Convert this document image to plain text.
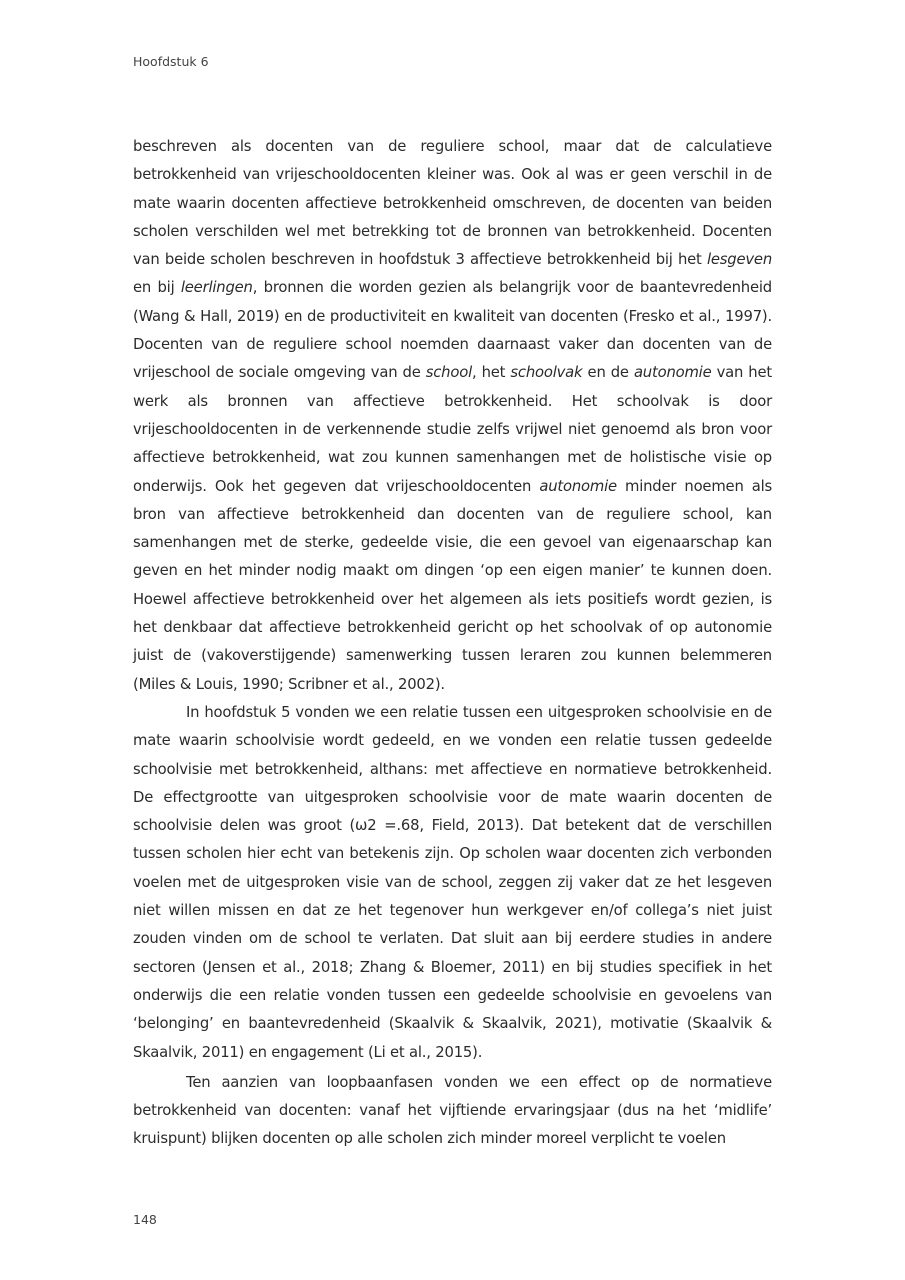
Hoofdstuk 6

beschreven als docenten van de reguliere school, maar dat de calculatieve betrokkenheid van vrijeschooldocenten kleiner was. Ook al was er geen verschil in de mate waarin docenten affectieve betrokkenheid omschreven, de docenten van beiden scholen verschilden wel met betrekking tot de bronnen van betrokkenheid. Docenten van beide scholen beschreven in hoofdstuk 3 affectieve betrokkenheid bij het lesgeven en bij leerlingen, bronnen die worden gezien als belangrijk voor de baantevredenheid (Wang & Hall, 2019) en de productiviteit en kwaliteit van docenten (Fresko et al., 1997). Docenten van de reguliere school noemden daarnaast vaker dan docenten van de vrijeschool de sociale omgeving van de school, het schoolvak en de autonomie van het werk als bronnen van affectieve betrokkenheid. Het schoolvak is door vrijeschooldocenten in de verkennende studie zelfs vrijwel niet genoemd als bron voor affectieve betrokkenheid, wat zou kunnen samenhangen met de holistische visie op onderwijs. Ook het gegeven dat vrijeschooldocenten autonomie minder noemen als bron van affectieve betrokkenheid dan docenten van de reguliere school, kan samenhangen met de sterke, gedeelde visie, die een gevoel van eigenaarschap kan geven en het minder nodig maakt om dingen ‘op een eigen manier’ te kunnen doen. Hoewel affectieve betrokkenheid over het algemeen als iets positiefs wordt gezien, is het denkbaar dat affectieve betrokkenheid gericht op het schoolvak of op autonomie juist de (vakoverstijgende) samenwerking tussen leraren zou kunnen belemmeren (Miles & Louis, 1990; Scribner et al., 2002).

In hoofdstuk 5 vonden we een relatie tussen een uitgesproken schoolvisie en de mate waarin schoolvisie wordt gedeeld, en we vonden een relatie tussen gedeelde schoolvisie met betrokkenheid, althans: met affectieve en normatieve betrokkenheid. De effectgrootte van uitgesproken schoolvisie voor de mate waarin docenten de schoolvisie delen was groot (ω2 =.68, Field, 2013). Dat betekent dat de verschillen tussen scholen hier echt van betekenis zijn. Op scholen waar docenten zich verbonden voelen met de uitgesproken visie van de school, zeggen zij vaker dat ze het lesgeven niet willen missen en dat ze het tegenover hun werkgever en/of collega’s niet juist zouden vinden om de school te verlaten. Dat sluit aan bij eerdere studies in andere sectoren (Jensen et al., 2018; Zhang & Bloemer, 2011) en bij studies specifiek in het onderwijs die een relatie vonden tussen een gedeelde schoolvisie en gevoelens van ‘belonging’ en baantevredenheid (Skaalvik & Skaalvik, 2021), motivatie (Skaalvik & Skaalvik, 2011) en engagement (Li et al., 2015).

Ten aanzien van loopbaanfasen vonden we een effect op de normatieve betrokkenheid van docenten: vanaf het vijftiende ervaringsjaar (dus na het ‘midlife’ kruispunt) blijken docenten op alle scholen zich minder moreel verplicht te voelen

148
